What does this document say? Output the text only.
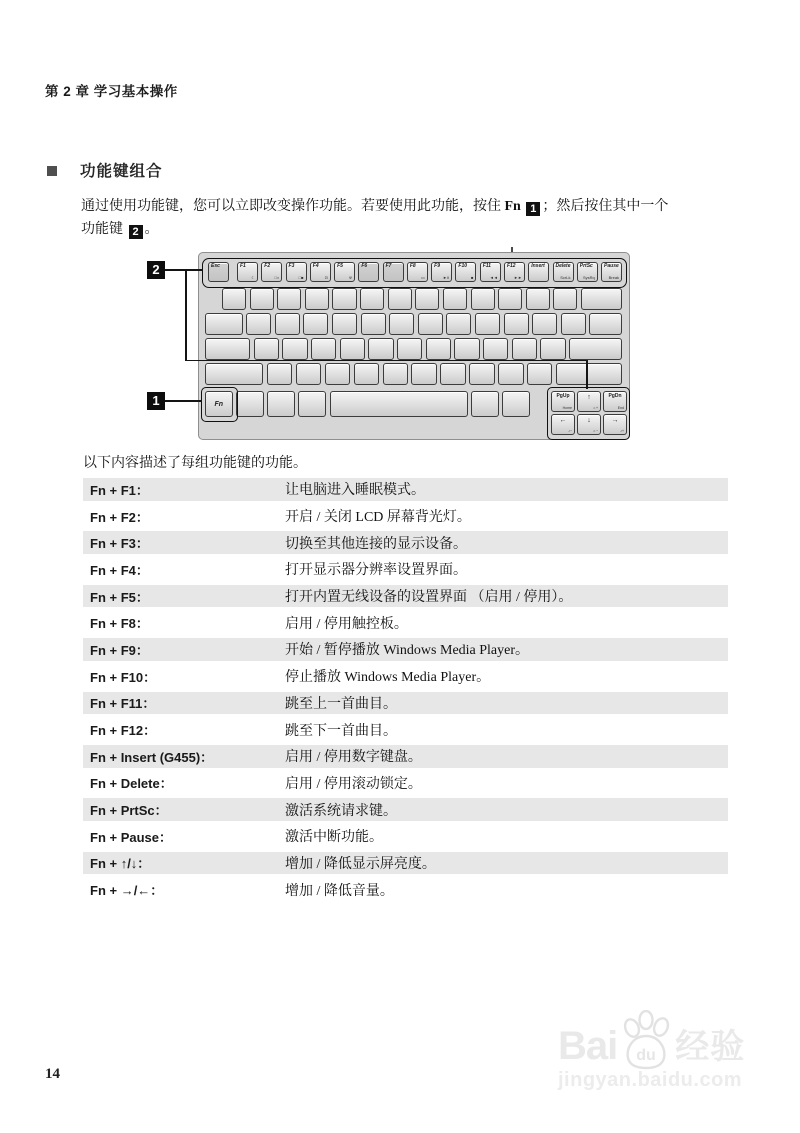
第 2 章 学习基本操作
功能键组合
通过使用功能键，您可以立即改变操作功能。若要使用此功能，按住 Fn 1 ；然后按住其中一个
功能键 2 。
Esc	F1
☾
F2
□×
F3
□■
F4
⊡
F5
Ψ
F6	F7	F8
▭
F9
►II
F10
■
F11
◄◄
F12
►►
Insert Delete
ScrLk
PrtSc
SysRq
Pause
Break
Fn
PgUp
Home
↑
☼+
PgDn
End
←
♪−
↓
☼−
→
♪+
2
1
以下内容描述了每组功能键的功能。
Fn + F1：	让电脑进入睡眠模式。
Fn + F2：	开启 / 关闭 LCD 屏幕背光灯。
Fn + F3：	切换至其他连接的显示设备。
Fn + F4：	打开显示器分辨率设置界面。
Fn + F5：	打开内置无线设备的设置界面 （启用 / 停用）。
Fn + F8：	启用 / 停用触控板。
Fn + F9：	开始 / 暂停播放 Windows Media Player。
Fn + F10：	停止播放 Windows Media Player。
Fn + F11：	跳至上一首曲目。
Fn + F12：	跳至下一首曲目。
Fn + Insert (G455)：	启用 / 停用数字键盘。
Fn + Delete：	启用 / 停用滚动锁定。
Fn + PrtSc：	激活系统请求键。
Fn + Pause：	激活中断功能。
Fn + ↑/↓：	增加 / 降低显示屏亮度。
Fn + →/←：	增加 / 降低音量。
14
Bai du 经验
jingyan.baidu.com
